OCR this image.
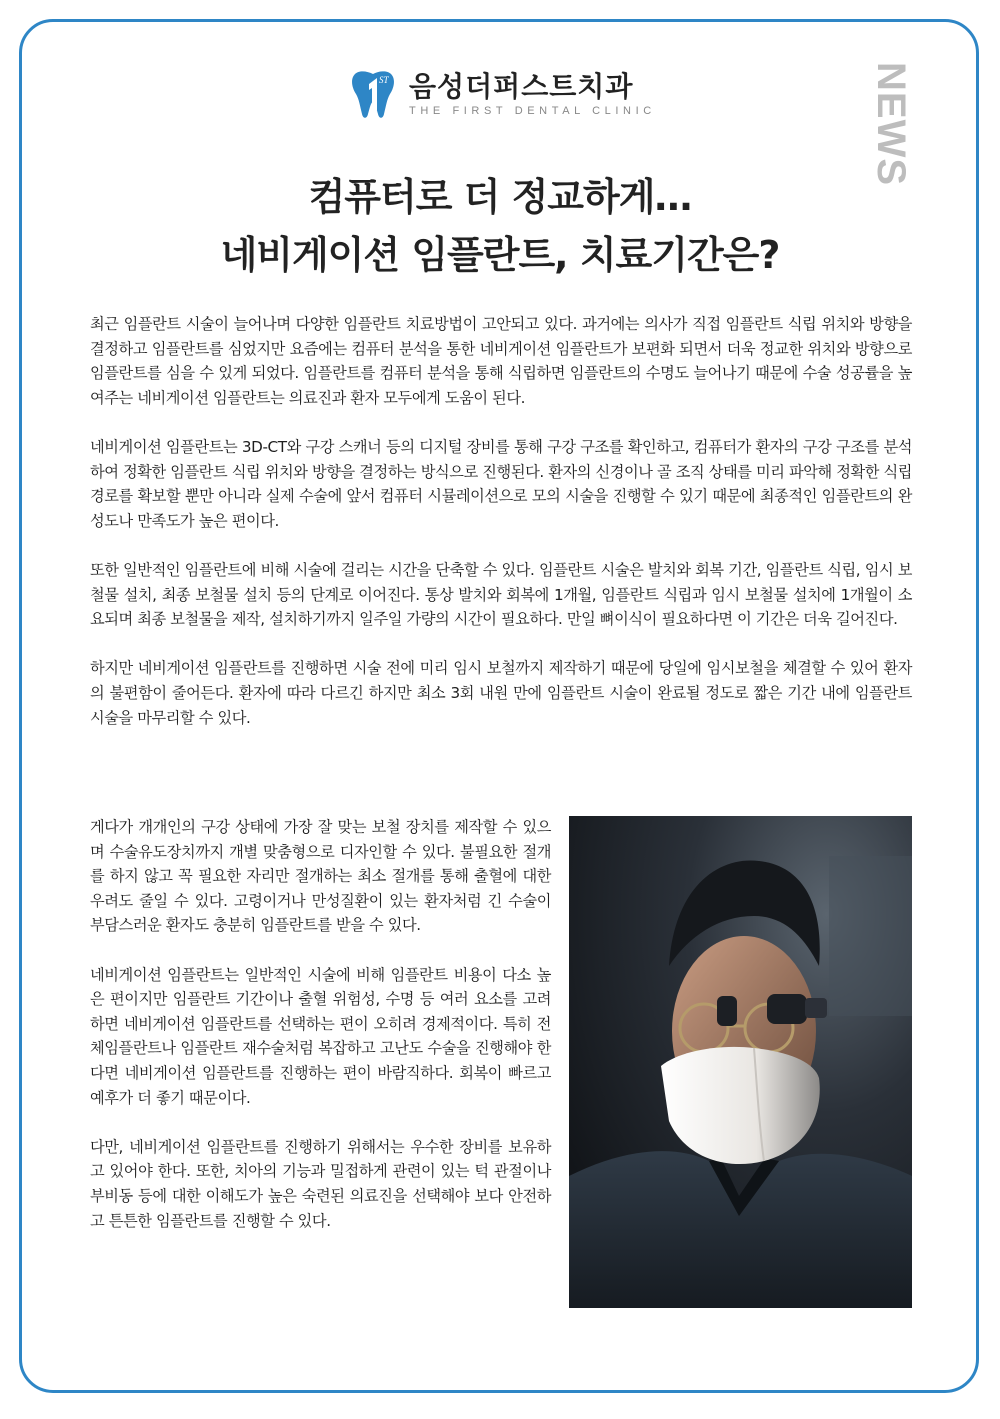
NEWS
ST 음성더퍼스트치과
THE FIRST DENTAL CLINIC
컴퓨터로 더 정교하게…
네비게이션 임플란트, 치료기간은?

최근 임플란트 시술이 늘어나며 다양한 임플란트 치료방법이 고안되고 있다. 과거에는 의사가 직접 임플란트 식립 위치와 방향을 결정하고 임플란트를 심었지만 요즘에는 컴퓨터 분석을 통한 네비게이션 임플란트가 보편화 되면서 더욱 정교한 위치와 방향으로 임플란트를 심을 수 있게 되었다. 임플란트를 컴퓨터 분석을 통해 식립하면 임플란트의 수명도 늘어나기 때문에 수술 성공률을 높여주는 네비게이션 임플란트는 의료진과 환자 모두에게 도움이 된다.

네비게이션 임플란트는 3D-CT와 구강 스캐너 등의 디지털 장비를 통해 구강 구조를 확인하고, 컴퓨터가 환자의 구강 구조를 분석하여 정확한 임플란트 식립 위치와 방향을 결정하는 방식으로 진행된다. 환자의 신경이나 골 조직 상태를 미리 파악해 정확한 식립 경로를 확보할 뿐만 아니라 실제 수술에 앞서 컴퓨터 시뮬레이션으로 모의 시술을 진행할 수 있기 때문에 최종적인 임플란트의 완성도나 만족도가 높은 편이다.

또한 일반적인 임플란트에 비해 시술에 걸리는 시간을 단축할 수 있다. 임플란트 시술은 발치와 회복 기간, 임플란트 식립, 임시 보철물 설치, 최종 보철물 설치 등의 단계로 이어진다. 통상 발치와 회복에 1개월, 임플란트 식립과 임시 보철물 설치에 1개월이 소요되며 최종 보철물을 제작, 설치하기까지 일주일 가량의 시간이 필요하다. 만일 뼈이식이 필요하다면 이 기간은 더욱 길어진다.

하지만 네비게이션 임플란트를 진행하면 시술 전에 미리 임시 보철까지 제작하기 때문에 당일에 임시보철을 체결할 수 있어 환자의 불편함이 줄어든다. 환자에 따라 다르긴 하지만 최소 3회 내원 만에 임플란트 시술이 완료될 정도로 짧은 기간 내에 임플란트 시술을 마무리할 수 있다.

게다가 개개인의 구강 상태에 가장 잘 맞는 보철 장치를 제작할 수 있으며 수술유도장치까지 개별 맞춤형으로 디자인할 수 있다. 불필요한 절개를 하지 않고 꼭 필요한 자리만 절개하는 최소 절개를 통해 출혈에 대한 우려도 줄일 수 있다. 고령이거나 만성질환이 있는 환자처럼 긴 수술이 부담스러운 환자도 충분히 임플란트를 받을 수 있다.

네비게이션 임플란트는 일반적인 시술에 비해 임플란트 비용이 다소 높은 편이지만 임플란트 기간이나 출혈 위험성, 수명 등 여러 요소를 고려하면 네비게이션 임플란트를 선택하는 편이 오히려 경제적이다. 특히 전체임플란트나 임플란트 재수술처럼 복잡하고 고난도 수술을 진행해야 한다면 네비게이션 임플란트를 진행하는 편이 바람직하다. 회복이 빠르고 예후가 더 좋기 때문이다.

다만, 네비게이션 임플란트를 진행하기 위해서는 우수한 장비를 보유하고 있어야 한다. 또한, 치아의 기능과 밀접하게 관련이 있는 턱 관절이나 부비동 등에 대한 이해도가 높은 숙련된 의료진을 선택해야 보다 안전하고 튼튼한 임플란트를 진행할 수 있다.
